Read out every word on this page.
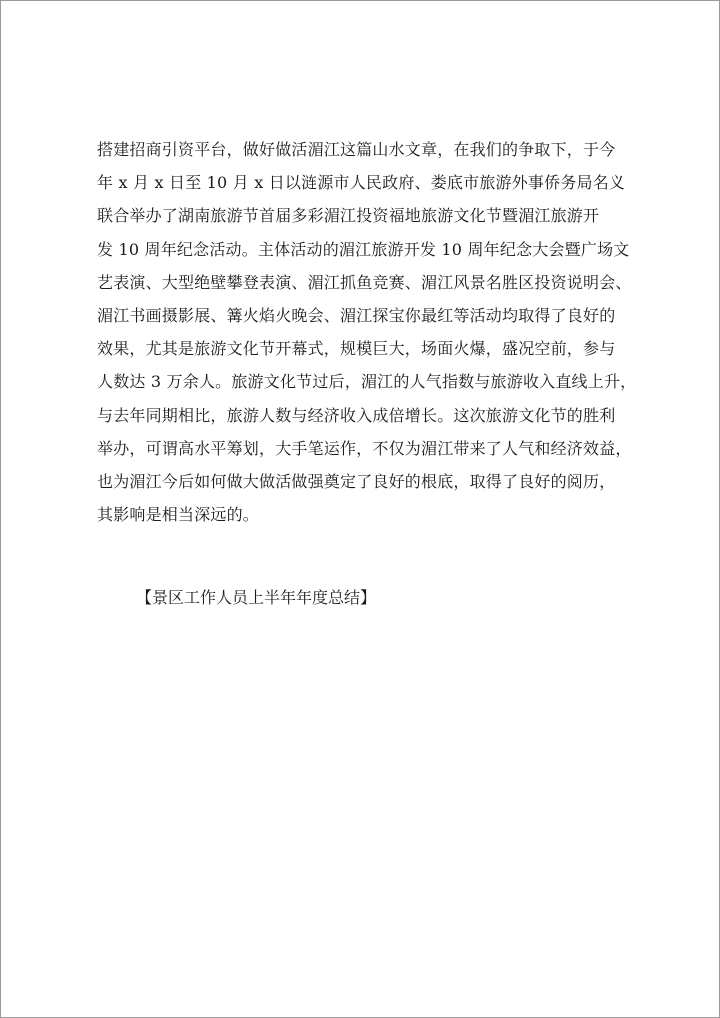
搭建招商引资平台，做好做活湄江这篇山水文章，在我们的争取下，于今
年 x 月 x 日至 10 月 x 日以涟源市人民政府、娄底市旅游外事侨务局名义
联合举办了湖南旅游节首届多彩湄江投资福地旅游文化节暨湄江旅游开
发 10 周年纪念活动。主体活动的湄江旅游开发 10 周年纪念大会暨广场文
艺表演、大型绝壁攀登表演、湄江抓鱼竞赛、湄江风景名胜区投资说明会、
湄江书画摄影展、篝火焰火晚会、湄江探宝你最红等活动均取得了良好的
效果，尤其是旅游文化节开幕式，规模巨大，场面火爆，盛况空前，参与
人数达 3 万余人。旅游文化节过后，湄江的人气指数与旅游收入直线上升，
与去年同期相比，旅游人数与经济收入成倍增长。这次旅游文化节的胜利
举办，可谓高水平筹划，大手笔运作，不仅为湄江带来了人气和经济效益，
也为湄江今后如何做大做活做强奠定了良好的根底，取得了良好的阅历，
其影响是相当深远的。
【景区工作人员上半年年度总结】
